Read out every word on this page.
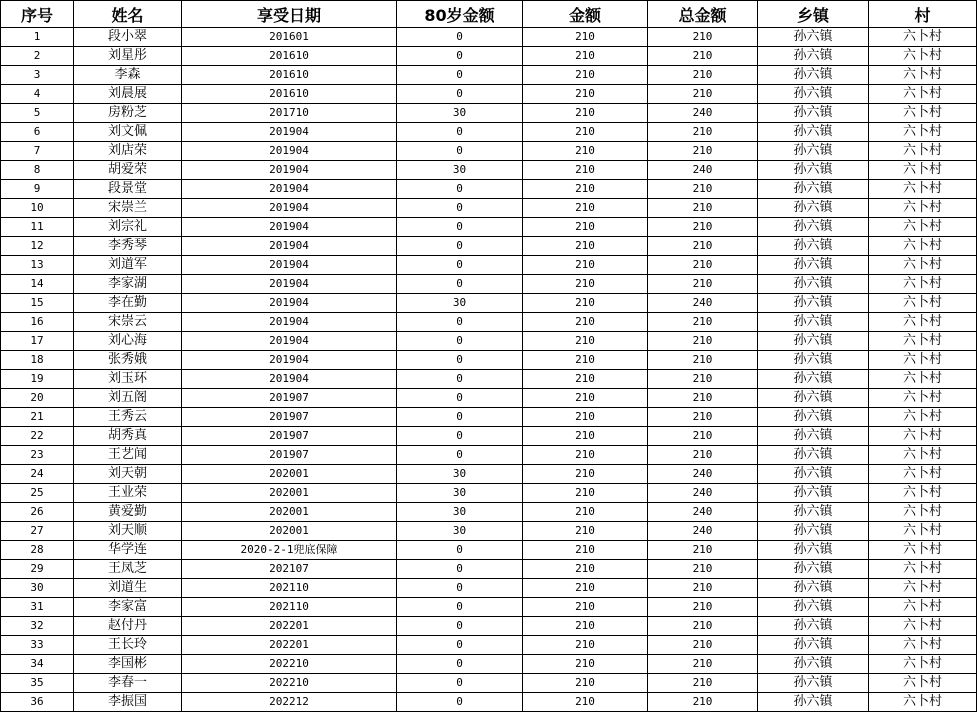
序号	姓名	享受日期	80岁金额	金额	总金额	乡镇	村
1	段小翠	201601	0	210	210	孙六镇	六卜村
2	刘星彤	201610	0	210	210	孙六镇	六卜村
3	李森	201610	0	210	210	孙六镇	六卜村
4	刘晨展	201610	0	210	210	孙六镇	六卜村
5	房粉芝	201710	30	210	240	孙六镇	六卜村
6	刘文佩	201904	0	210	210	孙六镇	六卜村
7	刘店荣	201904	0	210	210	孙六镇	六卜村
8	胡爱荣	201904	30	210	240	孙六镇	六卜村
9	段景堂	201904	0	210	210	孙六镇	六卜村
10	宋崇兰	201904	0	210	210	孙六镇	六卜村
11	刘宗礼	201904	0	210	210	孙六镇	六卜村
12	李秀琴	201904	0	210	210	孙六镇	六卜村
13	刘道军	201904	0	210	210	孙六镇	六卜村
14	李家湖	201904	0	210	210	孙六镇	六卜村
15	李在勤	201904	30	210	240	孙六镇	六卜村
16	宋崇云	201904	0	210	210	孙六镇	六卜村
17	刘心海	201904	0	210	210	孙六镇	六卜村
18	张秀娥	201904	0	210	210	孙六镇	六卜村
19	刘玉环	201904	0	210	210	孙六镇	六卜村
20	刘五阁	201907	0	210	210	孙六镇	六卜村
21	王秀云	201907	0	210	210	孙六镇	六卜村
22	胡秀真	201907	0	210	210	孙六镇	六卜村
23	王艺闻	201907	0	210	210	孙六镇	六卜村
24	刘天朝	202001	30	210	240	孙六镇	六卜村
25	王业荣	202001	30	210	240	孙六镇	六卜村
26	黄爱勤	202001	30	210	240	孙六镇	六卜村
27	刘天顺	202001	30	210	240	孙六镇	六卜村
28	华学连	2020-2-1兜底保障	0	210	210	孙六镇	六卜村
29	王凤芝	202107	0	210	210	孙六镇	六卜村
30	刘道生	202110	0	210	210	孙六镇	六卜村
31	李家富	202110	0	210	210	孙六镇	六卜村
32	赵付丹	202201	0	210	210	孙六镇	六卜村
33	王长玲	202201	0	210	210	孙六镇	六卜村
34	李国彬	202210	0	210	210	孙六镇	六卜村
35	李春一	202210	0	210	210	孙六镇	六卜村
36	李振国	202212	0	210	210	孙六镇	六卜村
